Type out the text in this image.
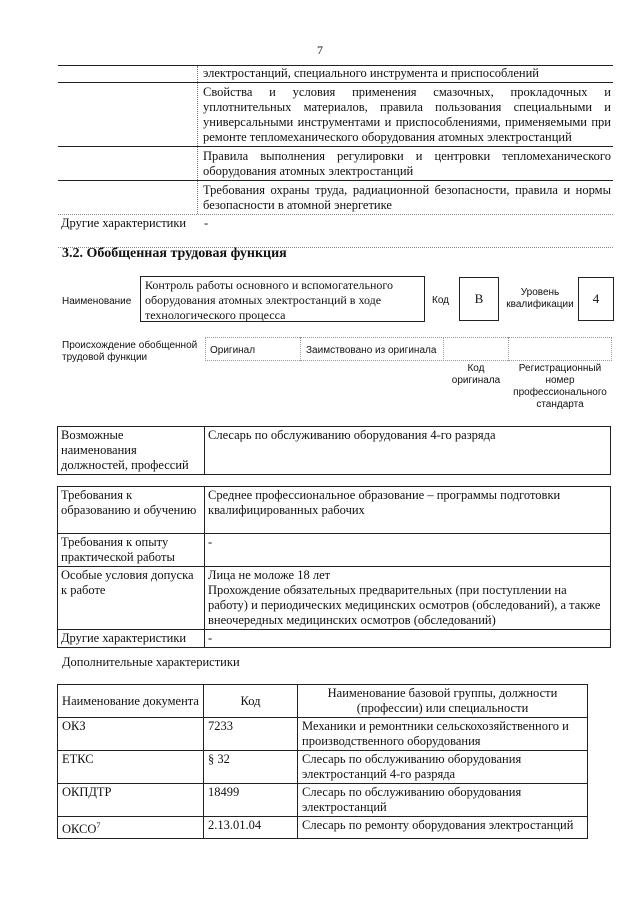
7
электростанций, специального инструмента и приспособлений
Свойства и условия применения смазочных, прокладочных и уплотнительных материалов, правила пользования специальными и универсальными инструментами и приспособлениями, применяемыми при ремонте тепломеханического оборудования атомных электростанций
Правила выполнения регулировки и центровки тепломеханического оборудования атомных электростанций
Требования охраны труда, радиационной безопасности, правила и нормы безопасности в атомной энергетике
Другие характеристики	-
3.2. Обобщенная трудовая функция
Наименование
Контроль работы основного и вспомогательного оборудования атомных электростанций в ходе технологического процесса
Код	B	Уровень квалификации	4
Происхождение обобщенной трудовой функции
Оригинал	Заимствовано из оригинала
Код оригинала
Регистрационный номер профессионального стандарта
Возможные наименования должностей, профессий	Слесарь по обслуживанию оборудования 4-го разряда
Требования к образованию и обучению	Среднее профессиональное образование – программы подготовки квалифицированных рабочих
Требования к опыту практической работы	-
Особые условия допуска к работе	Лица не моложе 18 лет
Прохождение обязательных предварительных (при поступлении на работу) и периодических медицинских осмотров (обследований), а также внеочередных медицинских осмотров (обследований)

Другие характеристики	-
Дополнительные характеристики
Наименование документа	Код	Наименование базовой группы, должности (профессии) или специальности
ОКЗ	7233	Механики и ремонтники сельскохозяйственного и производственного оборудования
ЕТКС	§ 32	Слесарь по обслуживанию оборудования электростанций 4-го разряда
ОКПДТР	18499	Слесарь по обслуживанию оборудования электростанций
ОКСО$^7$	2.13.01.04	Слесарь по ремонту оборудования электростанций
